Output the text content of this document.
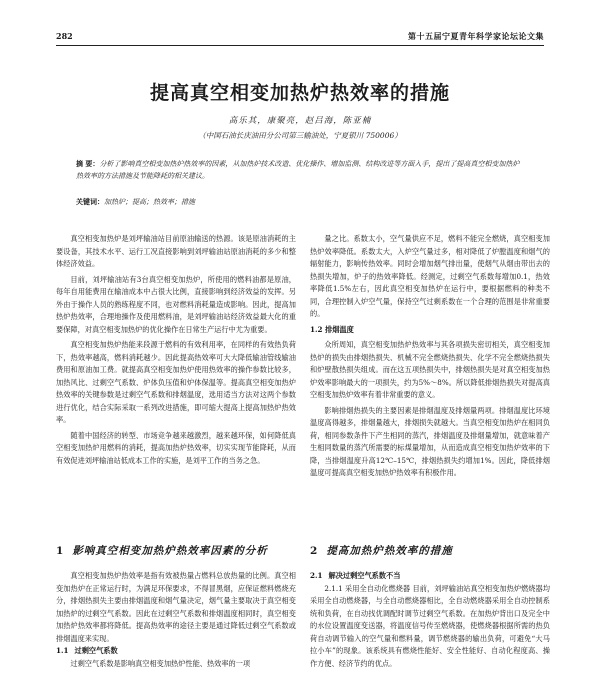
282	第十五届宁夏青年科学家论坛论文集
提高真空相变加热炉热效率的措施
高乐其，康聚亮，赵吕海，陈亚楠
（中国石油长庆油田分公司第三输油处，宁夏银川 750006）
摘 要：分析了影响真空相变加热炉热效率的因素，从加热炉技术改造、优化操作、增加监测、结构改进等方面入手，提出了提高真空相变加热炉热效率的方法措施及节能降耗的相关建议。
关键词：加热炉；提高；热效率；措施

真空相变加热炉是刘坪输油站目前原油输送的热源。该是原油消耗的主要设备，其技术水平、运行工况直接影响到刘坪输油站原油消耗的多少和整体经济效益。

目前，刘坪输油站有3台真空相变加热炉，所使用的燃料油都是原油，每年自用能费用在输油成本中占很大比例，直接影响到经济效益的发挥。另外由于操作人员的熟练程度不同，也对燃料消耗量造成影响。因此，提高加热炉热效率，合理地操作及使用燃料油，是刘坪输油站经济效益最大化的重要保障，对真空相变加热炉的优化操作在日常生产运行中尤为重要。

真空相变加热炉热能来段源于燃料的有效利用率，在同样的有效热负荷下，热效率越高，燃料消耗越少。因此提高热效率可大大降低输油管线输油费用和原油加工费。就提高真空相变加热炉使用热效率的操作参数比较多，加热风比、过剩空气系数、炉体负压值和炉体保温等。提高真空相变加热炉热效率的关键参数是过剩空气系数和排烟温度，选用适当方法对这两个参数进行优化，结合实际采取一系列改进措施，即可缩大提高上提高加热炉热效率。

随着中国经济的转型、市场竞争越来越激烈，越来越环保，如何降低真空相变加热炉用燃料的消耗，提高加热炉热效率，切实实现节能降耗，从而有效促进刘坪输油站低成本工作的实施，是刘平工作的当务之急。

量之比。系数太小，空气量供应不足，燃料不能完全燃烧，真空相变加热炉效率降低。系数太大，入炉空气量过多，相对降低了炉膛温度和烟气的辐射能力，影响传热效率。同时会增加烟气排出量，使烟气从烟由带出去的热损失增加，炉子的热效率降低。经测定，过剩空气系数每增加0.1，热效率降低1.5%左右，因此真空相变加热炉在运行中，要根据燃料的种类不同，合理控制入炉空气量，保持空气过剩系数在一个合理的范围是非常重要的。

1.2 排烟温度

众所周知，真空相变加热炉热效率与其各项损失密切相关，真空相变加热炉的损失由排烟热损失、机械不完全燃烧热损失、化学不完全燃烧热损失和炉壁散热损失组成。而在这五项热损失中，排烟热损失是对真空相变加热炉效率影响最大的一项损失，约为5%～8%。所以降低排烟热损失对提高真空相变加热炉效率有着非常重要的意义。

影响排烟热损失的主要因素是排烟温度及排烟量两项。排烟温度比环境温度高得越多，排烟量越大，排烟损失就越大。当真空相变加热炉在相同负荷，相同参数条件下产生相同的蒸汽，排烟温度及排烟量增加，就意味着产生相同数量的蒸汽所需要的标煤量增加，从而造成真空相变加热炉效率的下降，当排烟温度升高12℃–15℃，排烟热损失约增加1%。因此，降低排烟温度可提高真空相变加热炉热效率有积极作用。

1 影响真空相变加热炉热效率因素的分析	2 提高加热炉热效率的措施

真空相变加热炉热效率是指有效被热量占燃料总放热量的比例。真空相变加热炉在正常运行时，为满足环保要求，不得冒黑烟，应保证燃料燃烧充分，排烟热损失主要由排烟温度和烟气量决定，烟气量主要取决于真空相变加热炉的过剩空气系数。因此在过剩空气系数和排烟温度相同时，真空相变加热炉热效率都将降低。提高热效率的途径主要是通过降低过剩空气系数或排烟温度来实现。

1.1 过剩空气系数

过剩空气系数是影响真空相变加热炉性能、热效率的一项

2.1 解决过剩空气系数不当

2.1.1 采用全自动化燃烧器 目前，刘坪输油站真空相变加热炉燃烧器均采用全自动燃烧器，与全自动燃烧器相比，全自动燃烧器采用全自动控制系统和负荷，在自动找优调配时调节过剩空气系数。在加热炉背出口及完全中的水位设置温度变送器，将温度信号传至燃烧器，使燃烧器根据所需的热负荷自动调节输入的空气量和燃料量，调节燃烧器的输出负荷，可避免“大马拉小车”的现象。该系统具有燃烧性能好、安全性能好、自动化程度高、操作方便、经济节约的优点。
